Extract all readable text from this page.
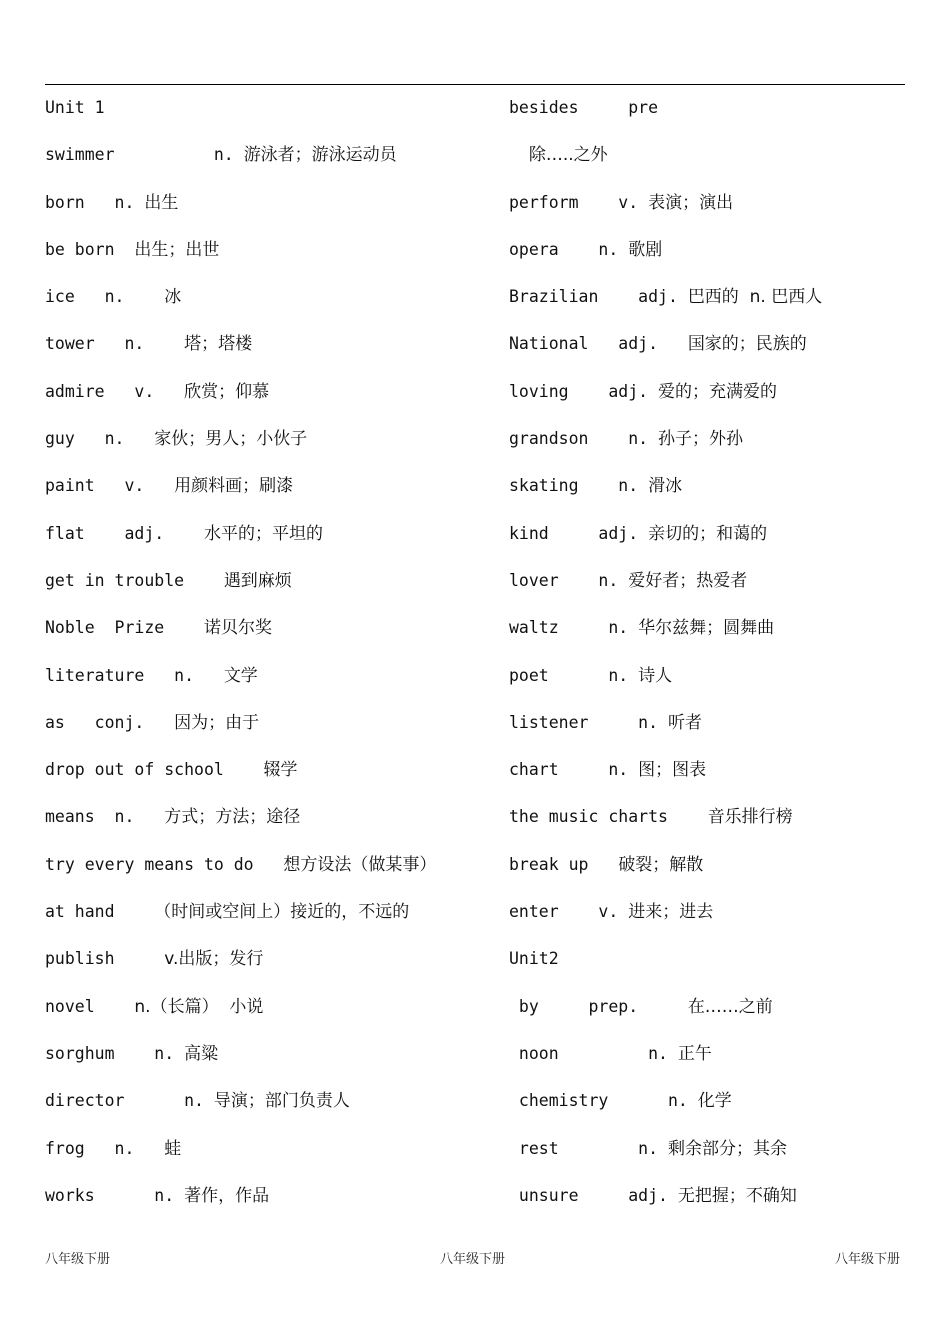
Unit 1
swimmer          n. 游泳者；游泳运动员
born   n. 出生
be born  出生；出世
ice   n.    冰
tower   n.    塔；塔楼
admire   v.   欣赏；仰慕
guy   n.   家伙；男人；小伙子
paint   v.   用颜料画；刷漆
flat    adj.    水平的；平坦的
get in trouble    遇到麻烦
Noble  Prize    诺贝尔奖
literature   n.   文学
as   conj.   因为；由于
drop out of school    辍学
means  n.   方式；方法；途径
try every means to do   想方设法（做某事）
at hand    （时间或空间上）接近的，不远的
publish     v.出版；发行
novel    n.（长篇）  小说
sorghum    n. 高粱
director      n. 导演；部门负责人
frog   n.   蛙
works      n. 著作，作品
besides     pre
除…..之外
perform    v. 表演；演出
opera    n. 歌剧
Brazilian    adj. 巴西的  n. 巴西人
National   adj.   国家的；民族的
loving    adj. 爱的；充满爱的
grandson    n. 孙子；外孙
skating    n. 滑冰
kind     adj. 亲切的；和蔼的
lover    n. 爱好者；热爱者
waltz     n. 华尔兹舞；圆舞曲
poet      n. 诗人
listener     n. 听者
chart     n. 图；图表
the music charts    音乐排行榜
break up   破裂；解散
enter    v. 进来；进去
Unit2
by     prep.     在……之前
noon         n. 正午
chemistry      n. 化学
rest        n. 剩余部分；其余
unsure     adj. 无把握；不确知
八年级下册	八年级下册	八年级下册
